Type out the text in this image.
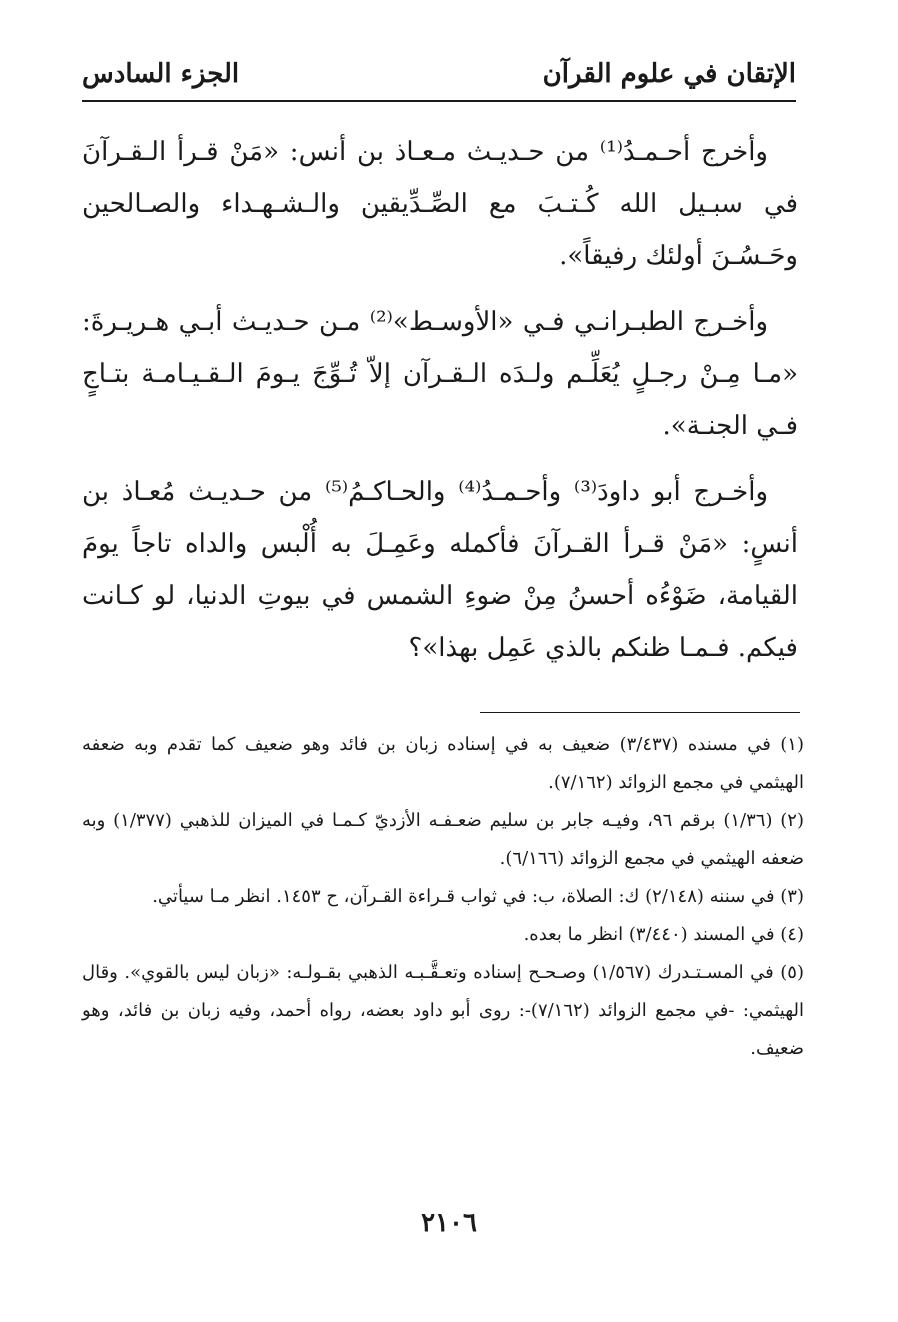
الإتقان في علوم القرآن
الجزء السادس

وأخرج أحـمـدُ⁽¹⁾ من حـديـث مـعـاذ بن أنس: «مَنْ قـرأ الـقـرآنَ في سبـيل الله كُـتـبَ مع الصِّـدِّيقين والـشـهـداء والصـالحين وحَـسُـنَ أولئك رفيقاً».

وأخـرج الطبـرانـي فـي «الأوسـط»⁽²⁾ مـن حـديـث أبـي هـريـرةَ: «مـا مِـنْ رجـلٍ يُعَلِّـم ولـدَه الـقـرآن إلاّ تُـوِّجَ يـومَ الـقـيـامـة بتـاجٍ فـي الجنـة».

وأخـرج أبو داودَ⁽³⁾ وأحـمـدُ⁽⁴⁾ والحـاكـمُ⁽⁵⁾ من حـديـث مُعـاذ بن أنسٍ: «مَنْ قـرأ القـرآنَ فأكمله وعَمِـلَ به أُلْبس والداه تاجاً يومَ القيامة، ضَوْءُه أحسنُ مِنْ ضوءِ الشمس في بيوتِ الدنيا، لو كـانت فيكم. فـمـا ظنكم بالذي عَمِل بهذا»؟

(١) في مسنده (٣/٤٣٧) ضعيف به في إسناده زبان بن فائد وهو ضعيف كما تقدم وبه ضعفه الهيثمي في مجمع الزوائد (٧/١٦٢).

(٢) (١/٣٦) برقم ٩٦، وفيـه جابر بن سليم ضعـفـه الأزديّ كـمـا في الميزان للذهبي (١/٣٧٧) وبه ضعفه الهيثمي في مجمع الزوائد (٦/١٦٦).

(٣) في سننه (٢/١٤٨) ك: الصلاة، ب: في ثواب قـراءة القـرآن، ح ١٤٥٣. انظر مـا سيأتي.

(٤) في المسند (٣/٤٤٠) انظر ما بعده.

(٥) في المسـتـدرك (١/٥٦٧) وصـحـح إسناده وتعـقَّـبـه الذهبي بقـولـه: «زبان ليس بالقوي». وقال الهيثمي: -في مجمع الزوائد (٧/١٦٢)-: روى أبو داود بعضه، رواه أحمد، وفيه زبان بن فائد، وهو ضعيف.

٢١٠٦
